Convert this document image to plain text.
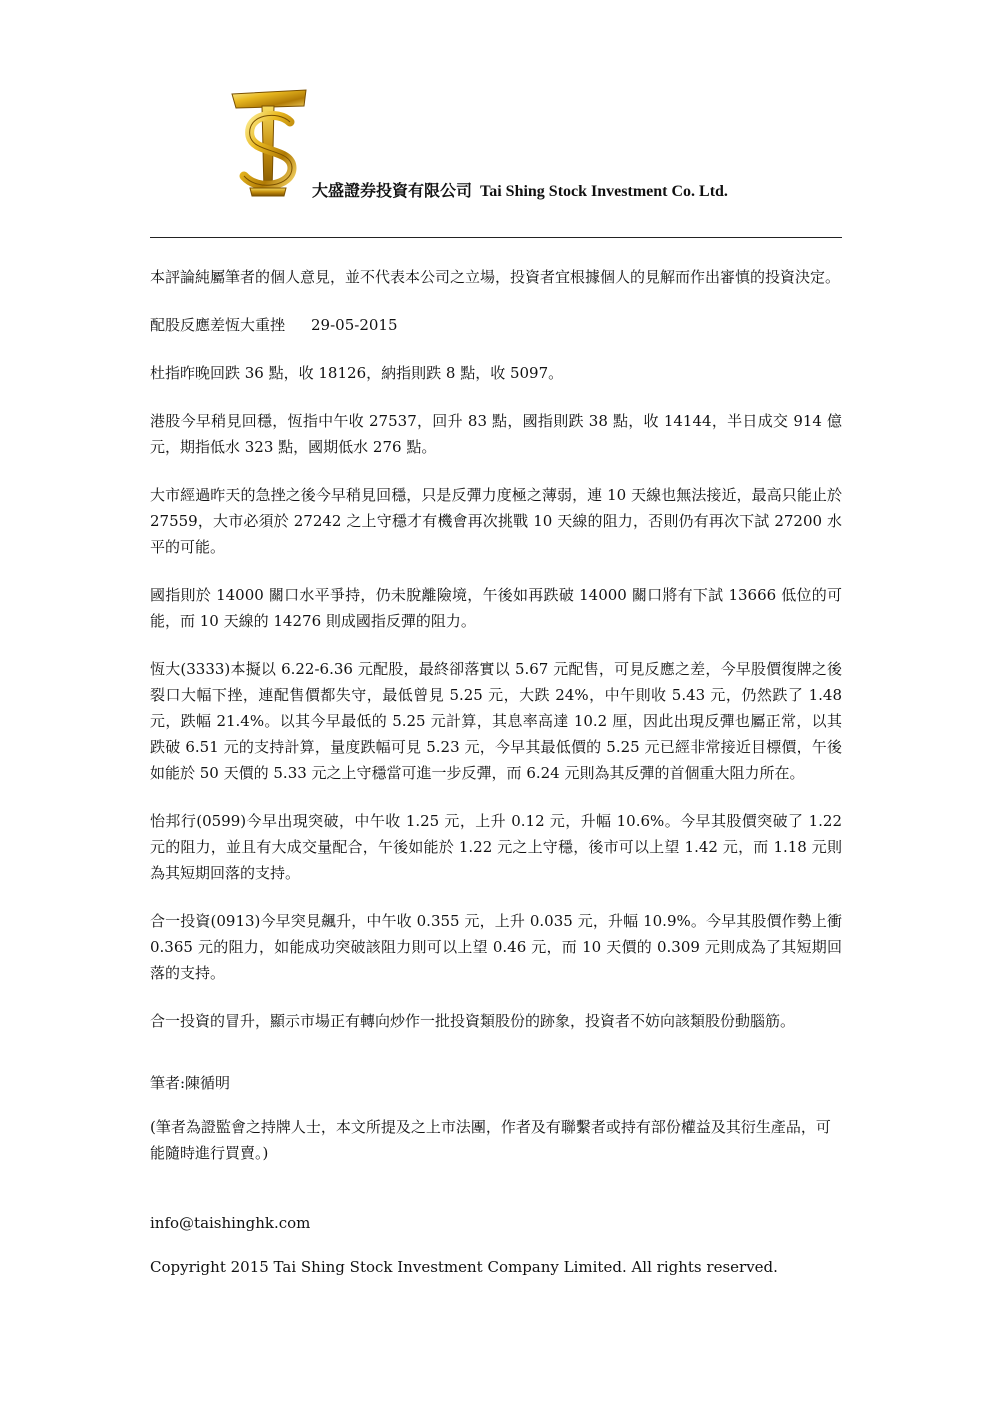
大盛證券投資有限公司 Tai Shing Stock Investment Co. Ltd.

本評論純屬筆者的個人意見，並不代表本公司之立場，投資者宜根據個人的見解而作出審慎的投資決定。

配股反應差恆大重挫 29-05-2015

杜指昨晚回跌 36 點，收 18126，納指則跌 8 點，收 5097。

港股今早稍見回穩，恆指中午收 27537，回升 83 點，國指則跌 38 點，收 14144，半日成交 914 億元，期指低水 323 點，國期低水 276 點。

大市經過昨天的急挫之後今早稍見回穩，只是反彈力度極之薄弱，連 10 天線也無法接近，最高只能止於 27559，大市必須於 27242 之上守穩才有機會再次挑戰 10 天線的阻力，否則仍有再次下試 27200 水平的可能。

國指則於 14000 關口水平爭持，仍未脫離險境，午後如再跌破 14000 關口將有下試 13666 低位的可能，而 10 天線的 14276 則成國指反彈的阻力。

恆大(3333)本擬以 6.22-6.36 元配股，最終卻落實以 5.67 元配售，可見反應之差，今早股價復牌之後裂口大幅下挫，連配售價都失守，最低曾見 5.25 元，大跌 24%，中午則收 5.43 元，仍然跌了 1.48 元，跌幅 21.4%。以其今早最低的 5.25 元計算，其息率高達 10.2 厘，因此出現反彈也屬正常，以其跌破 6.51 元的支持計算，量度跌幅可見 5.23 元，今早其最低價的 5.25 元已經非常接近目標價，午後如能於 50 天價的 5.33 元之上守穩當可進一步反彈，而 6.24 元則為其反彈的首個重大阻力所在。

怡邦行(0599)今早出現突破，中午收 1.25 元，上升 0.12 元，升幅 10.6%。今早其股價突破了 1.22 元的阻力，並且有大成交量配合，午後如能於 1.22 元之上守穩，後市可以上望 1.42 元，而 1.18 元則為其短期回落的支持。

合一投資(0913)今早突見飆升，中午收 0.355 元，上升 0.035 元，升幅 10.9%。今早其股價作勢上衝 0.365 元的阻力，如能成功突破該阻力則可以上望 0.46 元，而 10 天價的 0.309 元則成為了其短期回落的支持。

合一投資的冒升，顯示市場正有轉向炒作一批投資類股份的跡象，投資者不妨向該類股份動腦筋。

筆者:陳循明

(筆者為證監會之持牌人士，本文所提及之上市法團，作者及有聯繫者或持有部份權益及其衍生產品，可能隨時進行買賣。)

info@taishinghk.com

Copyright 2015 Tai Shing Stock Investment Company Limited. All rights reserved.
